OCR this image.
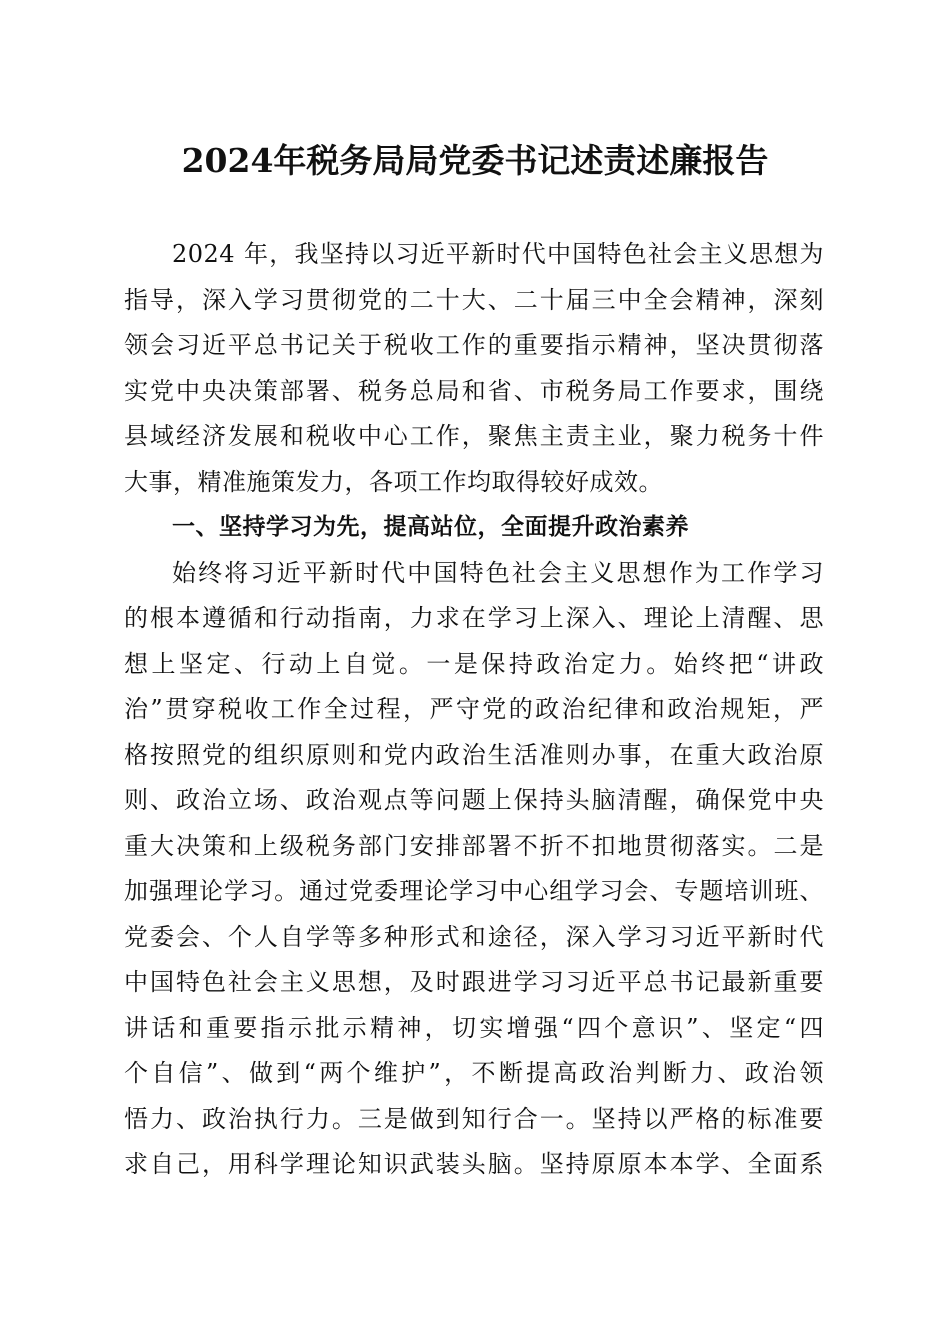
2024年税务局局党委书记述责述廉报告
2024 年，我坚持以习近平新时代中国特色社会主义思想为
指导，深入学习贯彻党的二十大、二十届三中全会精神，深刻
领会习近平总书记关于税收工作的重要指示精神，坚决贯彻落
实党中央决策部署、税务总局和省、市税务局工作要求，围绕
县域经济发展和税收中心工作，聚焦主责主业，聚力税务十件
大事，精准施策发力，各项工作均取得较好成效。
一、坚持学习为先，提高站位，全面提升政治素养
始终将习近平新时代中国特色社会主义思想作为工作学习
的根本遵循和行动指南，力求在学习上深入、理论上清醒、思
想上坚定、行动上自觉。一是保持政治定力。始终把“讲政
治”贯穿税收工作全过程，严守党的政治纪律和政治规矩，严
格按照党的组织原则和党内政治生活准则办事，在重大政治原
则、政治立场、政治观点等问题上保持头脑清醒，确保党中央
重大决策和上级税务部门安排部署不折不扣地贯彻落实。二是
加强理论学习。通过党委理论学习中心组学习会、专题培训班、
党委会、个人自学等多种形式和途径，深入学习习近平新时代
中国特色社会主义思想，及时跟进学习习近平总书记最新重要
讲话和重要指示批示精神，切实增强“四个意识”、坚定“四
个自信”、做到“两个维护”，不断提高政治判断力、政治领
悟力、政治执行力。三是做到知行合一。坚持以严格的标准要
求自己，用科学理论知识武装头脑。坚持原原本本学、全面系
